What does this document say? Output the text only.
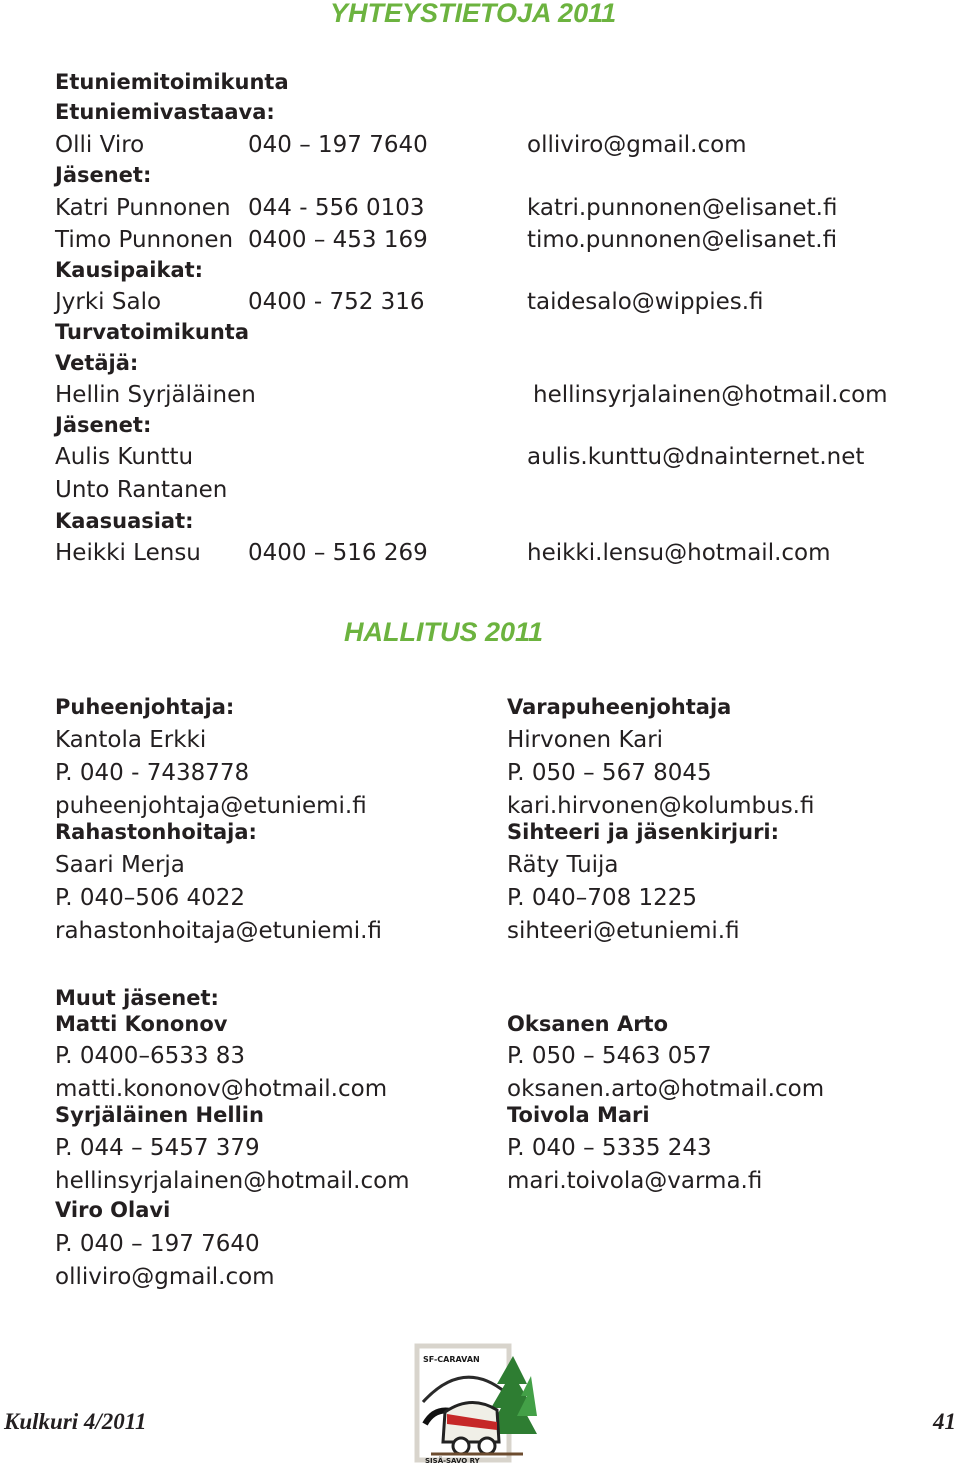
YHTEYSTIETOJA 2011
Etuniemitoimikunta
Etuniemivastaava:
Olli Viro	040 – 197 7640	olliviro@gmail.com
Jäsenet:
Katri Punnonen 044 - 556 0103	katri.punnonen@elisanet.fi
Timo Punnonen 0400 – 453 169	timo.punnonen@elisanet.fi
Kausipaikat:
Jyrki Salo	0400 - 752 316	taidesalo@wippies.fi
Turvatoimikunta
Vetäjä:
Hellin Syrjäläinen	hellinsyrjalainen@hotmail.com
Jäsenet:
Aulis Kunttu	aulis.kunttu@dnainternet.net
Unto Rantanen
Kaasuasiat:
Heikki Lensu 0400 – 516 269	heikki.lensu@hotmail.com
HALLITUS 2011
Puheenjohtaja:
Kantola Erkki
P. 040 - 7438778
puheenjohtaja@etuniemi.fi
Varapuheenjohtaja
Hirvonen Kari
P. 050 – 567 8045
kari.hirvonen@kolumbus.fi
Rahastonhoitaja:
Saari Merja
P. 040–506 4022
rahastonhoitaja@etuniemi.fi
Sihteeri ja jäsenkirjuri:
Räty Tuija
P. 040–708 1225
sihteeri@etuniemi.fi
Muut jäsenet:
Matti Kononov
P. 0400–6533 83
matti.kononov@hotmail.com
Syrjäläinen Hellin
P. 044 – 5457 379
hellinsyrjalainen@hotmail.com
Viro Olavi
P. 040 – 197 7640
olliviro@gmail.com
Oksanen Arto
P. 050 – 5463 057
oksanen.arto@hotmail.com
Toivola Mari
P. 040 – 5335 243
mari.toivola@varma.fi
SF-CARAVAN
SISÄ-SAVO RY
Kulkuri 4/2011	41
